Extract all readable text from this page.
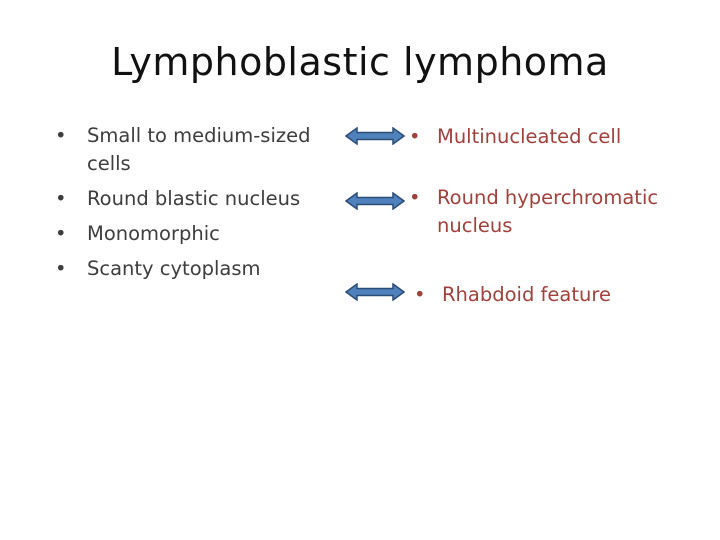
Lymphoblastic lymphoma
• Small to medium-sized cells
• Round blastic nucleus
• Monomorphic
• Scanty cytoplasm
• Multinucleated cell
• Round hyperchromatic nucleus
• Rhabdoid feature
